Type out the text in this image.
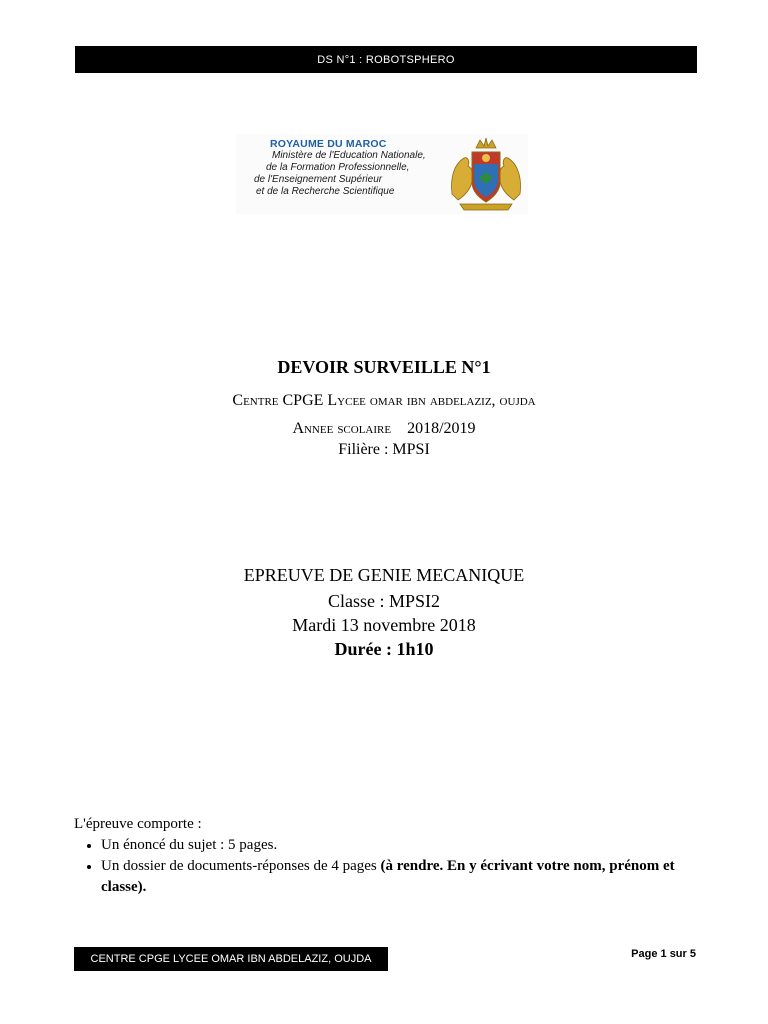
DS N°1 : ROBOTSPHERO
ROYAUME DU MAROC
Ministère de l'Education Nationale,
de la Formation Professionnelle,
de l'Enseignement Supérieur
et de la Recherche Scientifique
DEVOIR SURVEILLE N°1
Centre CPGE Lycee omar ibn abdelaziz, oujda
Annee scolaire 2018/2019
Filière : MPSI
EPREUVE DE GENIE MECANIQUE
Classe : MPSI2
Mardi 13 novembre 2018
Durée : 1h10
L'épreuve comporte :
• Un énoncé du sujet : 5 pages.
• Un dossier de documents-réponses de 4 pages (à rendre. En y écrivant votre nom, prénom et classe).
CENTRE CPGE LYCEE OMAR IBN ABDELAZIZ, OUJDA	Page 1 sur 5
